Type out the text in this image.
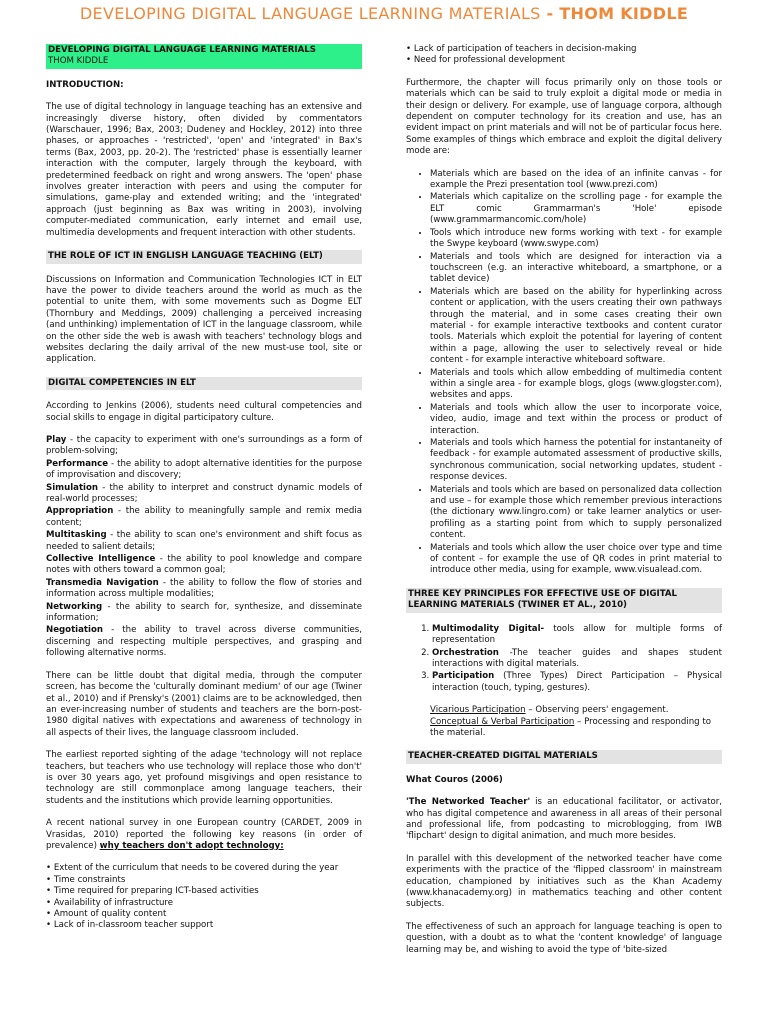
DEVELOPING DIGITAL LANGUAGE LEARNING MATERIALS - THOM KIDDLE
DEVELOPING DIGITAL LANGUAGE LEARNING MATERIALS
THOM KIDDLE

INTRODUCTION:

The use of digital technology in language teaching has an extensive and increasingly diverse history, often divided by commentators (Warschauer, 1996; Bax, 2003; Dudeney and Hockley, 2012) into three phases, or approaches - 'restricted', 'open' and 'integrated' in Bax's terms (Bax, 2003, pp. 20-2). The 'restricted' phase is essentially learner interaction with the computer, largely through the keyboard, with predetermined feedback on right and wrong answers. The 'open' phase involves greater interaction with peers and using the computer for simulations, game-play and extended writing; and the 'integrated' approach (just beginning as Bax was writing in 2003), involving computer-mediated communication, early internet and email use, multimedia developments and frequent interaction with other students.

THE ROLE OF ICT IN ENGLISH LANGUAGE TEACHING (ELT)

Discussions on Information and Communication Technologies ICT in ELT have the power to divide teachers around the world as much as the potential to unite them, with some movements such as Dogme ELT (Thornbury and Meddings, 2009) challenging a perceived increasing (and unthinking) implementation of ICT in the language classroom, while on the other side the web is awash with teachers' technology blogs and websites declaring the daily arrival of the new must-use tool, site or application.

DIGITAL COMPETENCIES IN ELT

According to Jenkins (2006), students need cultural competencies and social skills to engage in digital participatory culture.

Play - the capacity to experiment with one's surroundings as a form of problem-solving;

Performance - the ability to adopt alternative identities for the purpose of improvisation and discovery;

Simulation - the ability to interpret and construct dynamic models of real-world processes;

Appropriation - the ability to meaningfully sample and remix media content;

Multitasking - the ability to scan one's environment and shift focus as needed to salient details;

Collective Intelligence - the ability to pool knowledge and compare notes with others toward a common goal;

Transmedia Navigation - the ability to follow the flow of stories and information across multiple modalities;

Networking - the ability to search for, synthesize, and disseminate information;

Negotiation - the ability to travel across diverse communities, discerning and respecting multiple perspectives, and grasping and following alternative norms.

There can be little doubt that digital media, through the computer screen, has become the 'culturally dominant medium' of our age (Twiner et al., 2010) and if Prensky's (2001) claims are to be acknowledged, then an ever-increasing number of students and teachers are the born-post- 1980 digital natives with expectations and awareness of technology in all aspects of their lives, the language classroom included.

The earliest reported sighting of the adage 'technology will not replace teachers, but teachers who use technology will replace those who don't' is over 30 years ago, yet profound misgivings and open resistance to technology are still commonplace among language teachers, their students and the institutions which provide learning opportunities.

A recent national survey in one European country (CARDET, 2009 in Vrasidas, 2010) reported the following key reasons (in order of prevalence) why teachers don't adopt technology:

• Extent of the curriculum that needs to be covered during the year
• Time constraints
• Time required for preparing ICT-based activities
• Availability of infrastructure
• Amount of quality content
• Lack of in-classroom teacher support
• Lack of participation of teachers in decision-making
• Need for professional development

Furthermore, the chapter will focus primarily only on those tools or materials which can be said to truly exploit a digital mode or media in their design or delivery. For example, use of language corpora, although dependent on computer technology for its creation and use, has an evident impact on print materials and will not be of particular focus here. Some examples of things which embrace and exploit the digital delivery mode are:

• Materials which are based on the idea of an infinite canvas - for example the Prezi presentation tool (www.prezi.com)
• Materials which capitalize on the scrolling page - for example the ELT comic Grammarman's 'Hole' episode (www.grammarmancomic.com/hole)
• Tools which introduce new forms working with text - for example the Swype keyboard (www.swype.com)
• Materials and tools which are designed for interaction via a touchscreen (e.g. an interactive whiteboard, a smartphone, or a tablet device)
• Materials which are based on the ability for hyperlinking across content or application, with the users creating their own pathways through the material, and in some cases creating their own material - for example interactive textbooks and content curator tools. Materials which exploit the potential for layering of content within a page, allowing the user to selectively reveal or hide content - for example interactive whiteboard software.
• Materials and tools which allow embedding of multimedia content within a single area - for example blogs, glogs (www.glogster.com), websites and apps.
• Materials and tools which allow the user to incorporate voice, video, audio, image and text within the process or product of interaction.
• Materials and tools which harness the potential for instantaneity of feedback - for example automated assessment of productive skills, synchronous communication, social networking updates, student - response devices.
• Materials and tools which are based on personalized data collection and use – for example those which remember previous interactions (the dictionary www.lingro.com) or take learner analytics or user-profiling as a starting point from which to supply personalized content.
• Materials and tools which allow the user choice over type and time of content – for example the use of QR codes in print material to introduce other media, using for example, www.visualead.com.
THREE KEY PRINCIPLES FOR EFFECTIVE USE OF DIGITAL LEARNING MATERIALS (TWINER ET AL., 2010)
1. Multimodality Digital- tools allow for multiple forms of representation
2. Orchestration -The teacher guides and shapes student interactions with digital materials.
3. Participation (Three Types) Direct Participation – Physical interaction (touch, typing, gestures).
Vicarious Participation – Observing peers' engagement.
Conceptual & Verbal Participation – Processing and responding to the material.
TEACHER-CREATED DIGITAL MATERIALS

What Couros (2006)

'The Networked Teacher' is an educational facilitator, or activator, who has digital competence and awareness in all areas of their personal and professional life, from podcasting to microblogging, from IWB 'flipchart' design to digital animation, and much more besides.

In parallel with this development of the networked teacher have come experiments with the practice of the 'flipped classroom' in mainstream education, championed by initiatives such as the Khan Academy (www.khanacademy.org) in mathematics teaching and other content subjects.

The effectiveness of such an approach for language teaching is open to question, with a doubt as to what the 'content knowledge' of language learning may be, and wishing to avoid the type of 'bite-sized
